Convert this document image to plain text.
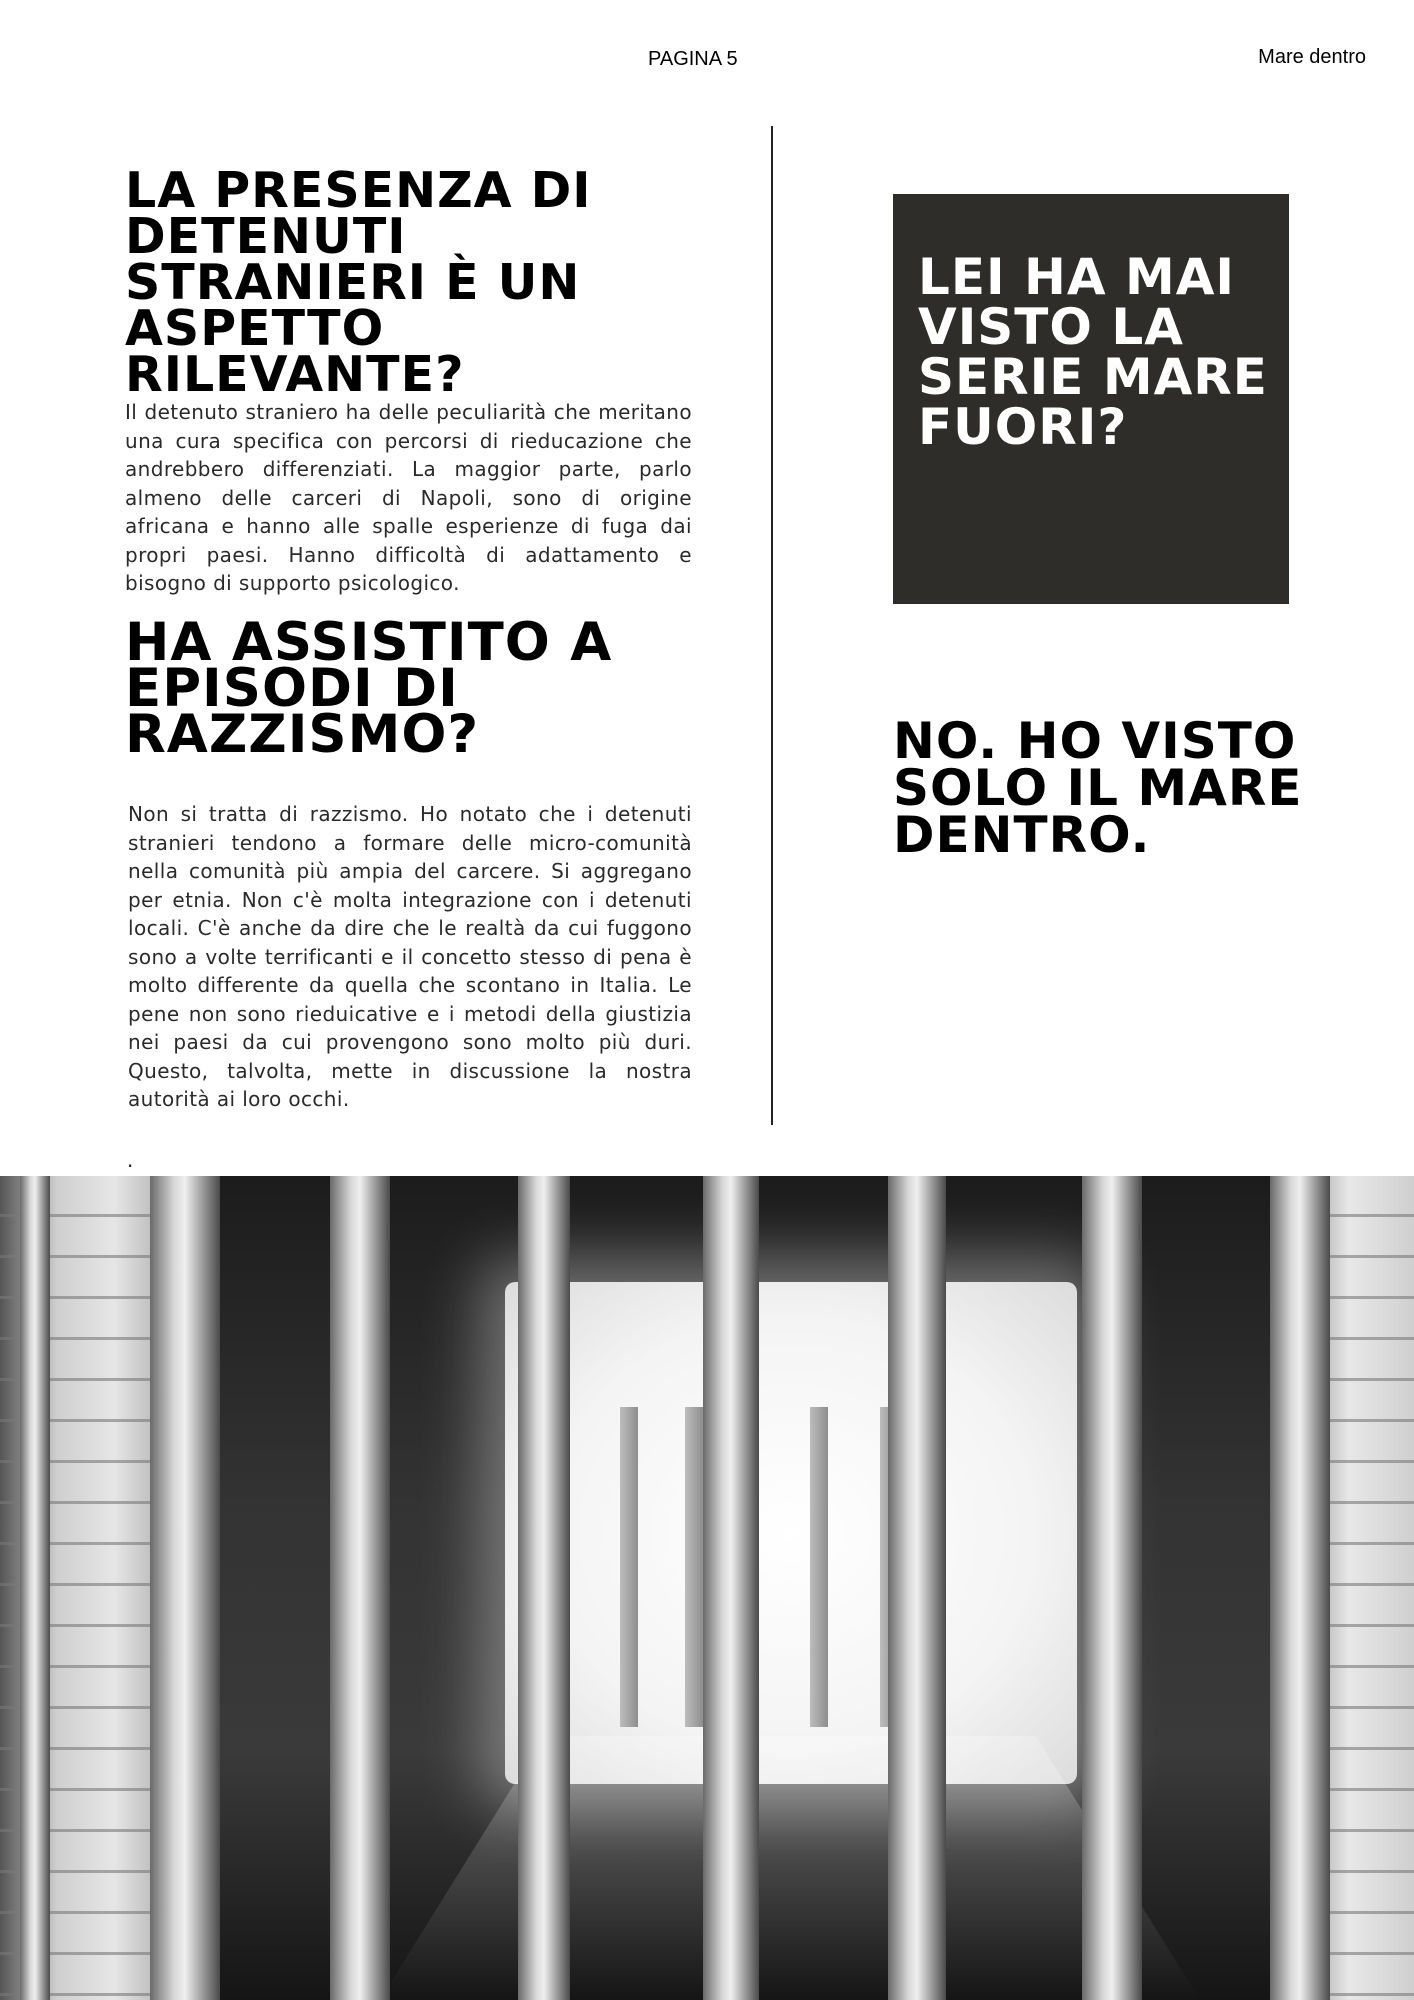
PAGINA 5	Mare dentro
LA PRESENZA DI DETENUTI STRANIERI È UN ASPETTO RILEVANTE?

Il detenuto straniero ha delle peculiarità che meritano una cura specifica con percorsi di rieducazione che andrebbero differenziati. La maggior parte, parlo almeno delle carceri di Napoli, sono di origine africana e hanno alle spalle esperienze di fuga dai propri paesi. Hanno difficoltà di adattamento e bisogno di supporto psicologico.

HA ASSISTITO A EPISODI DI RAZZISMO?

Non si tratta di razzismo. Ho notato che i detenuti stranieri tendono a formare delle micro-comunità nella comunità più ampia del carcere. Si aggregano per etnia. Non c'è molta integrazione con i detenuti locali. C'è anche da dire che le realtà da cui fuggono sono a volte terrificanti e il concetto stesso di pena è molto differente da quella che scontano in Italia. Le pene non sono rieduicative e i metodi della giustizia nei paesi da cui provengono sono molto più duri. Questo, talvolta, mette in discussione la nostra autorità ai loro occhi.

.
LEI HA MAI VISTO LA SERIE MARE FUORI?
NO. HO VISTO SOLO IL MARE DENTRO.
